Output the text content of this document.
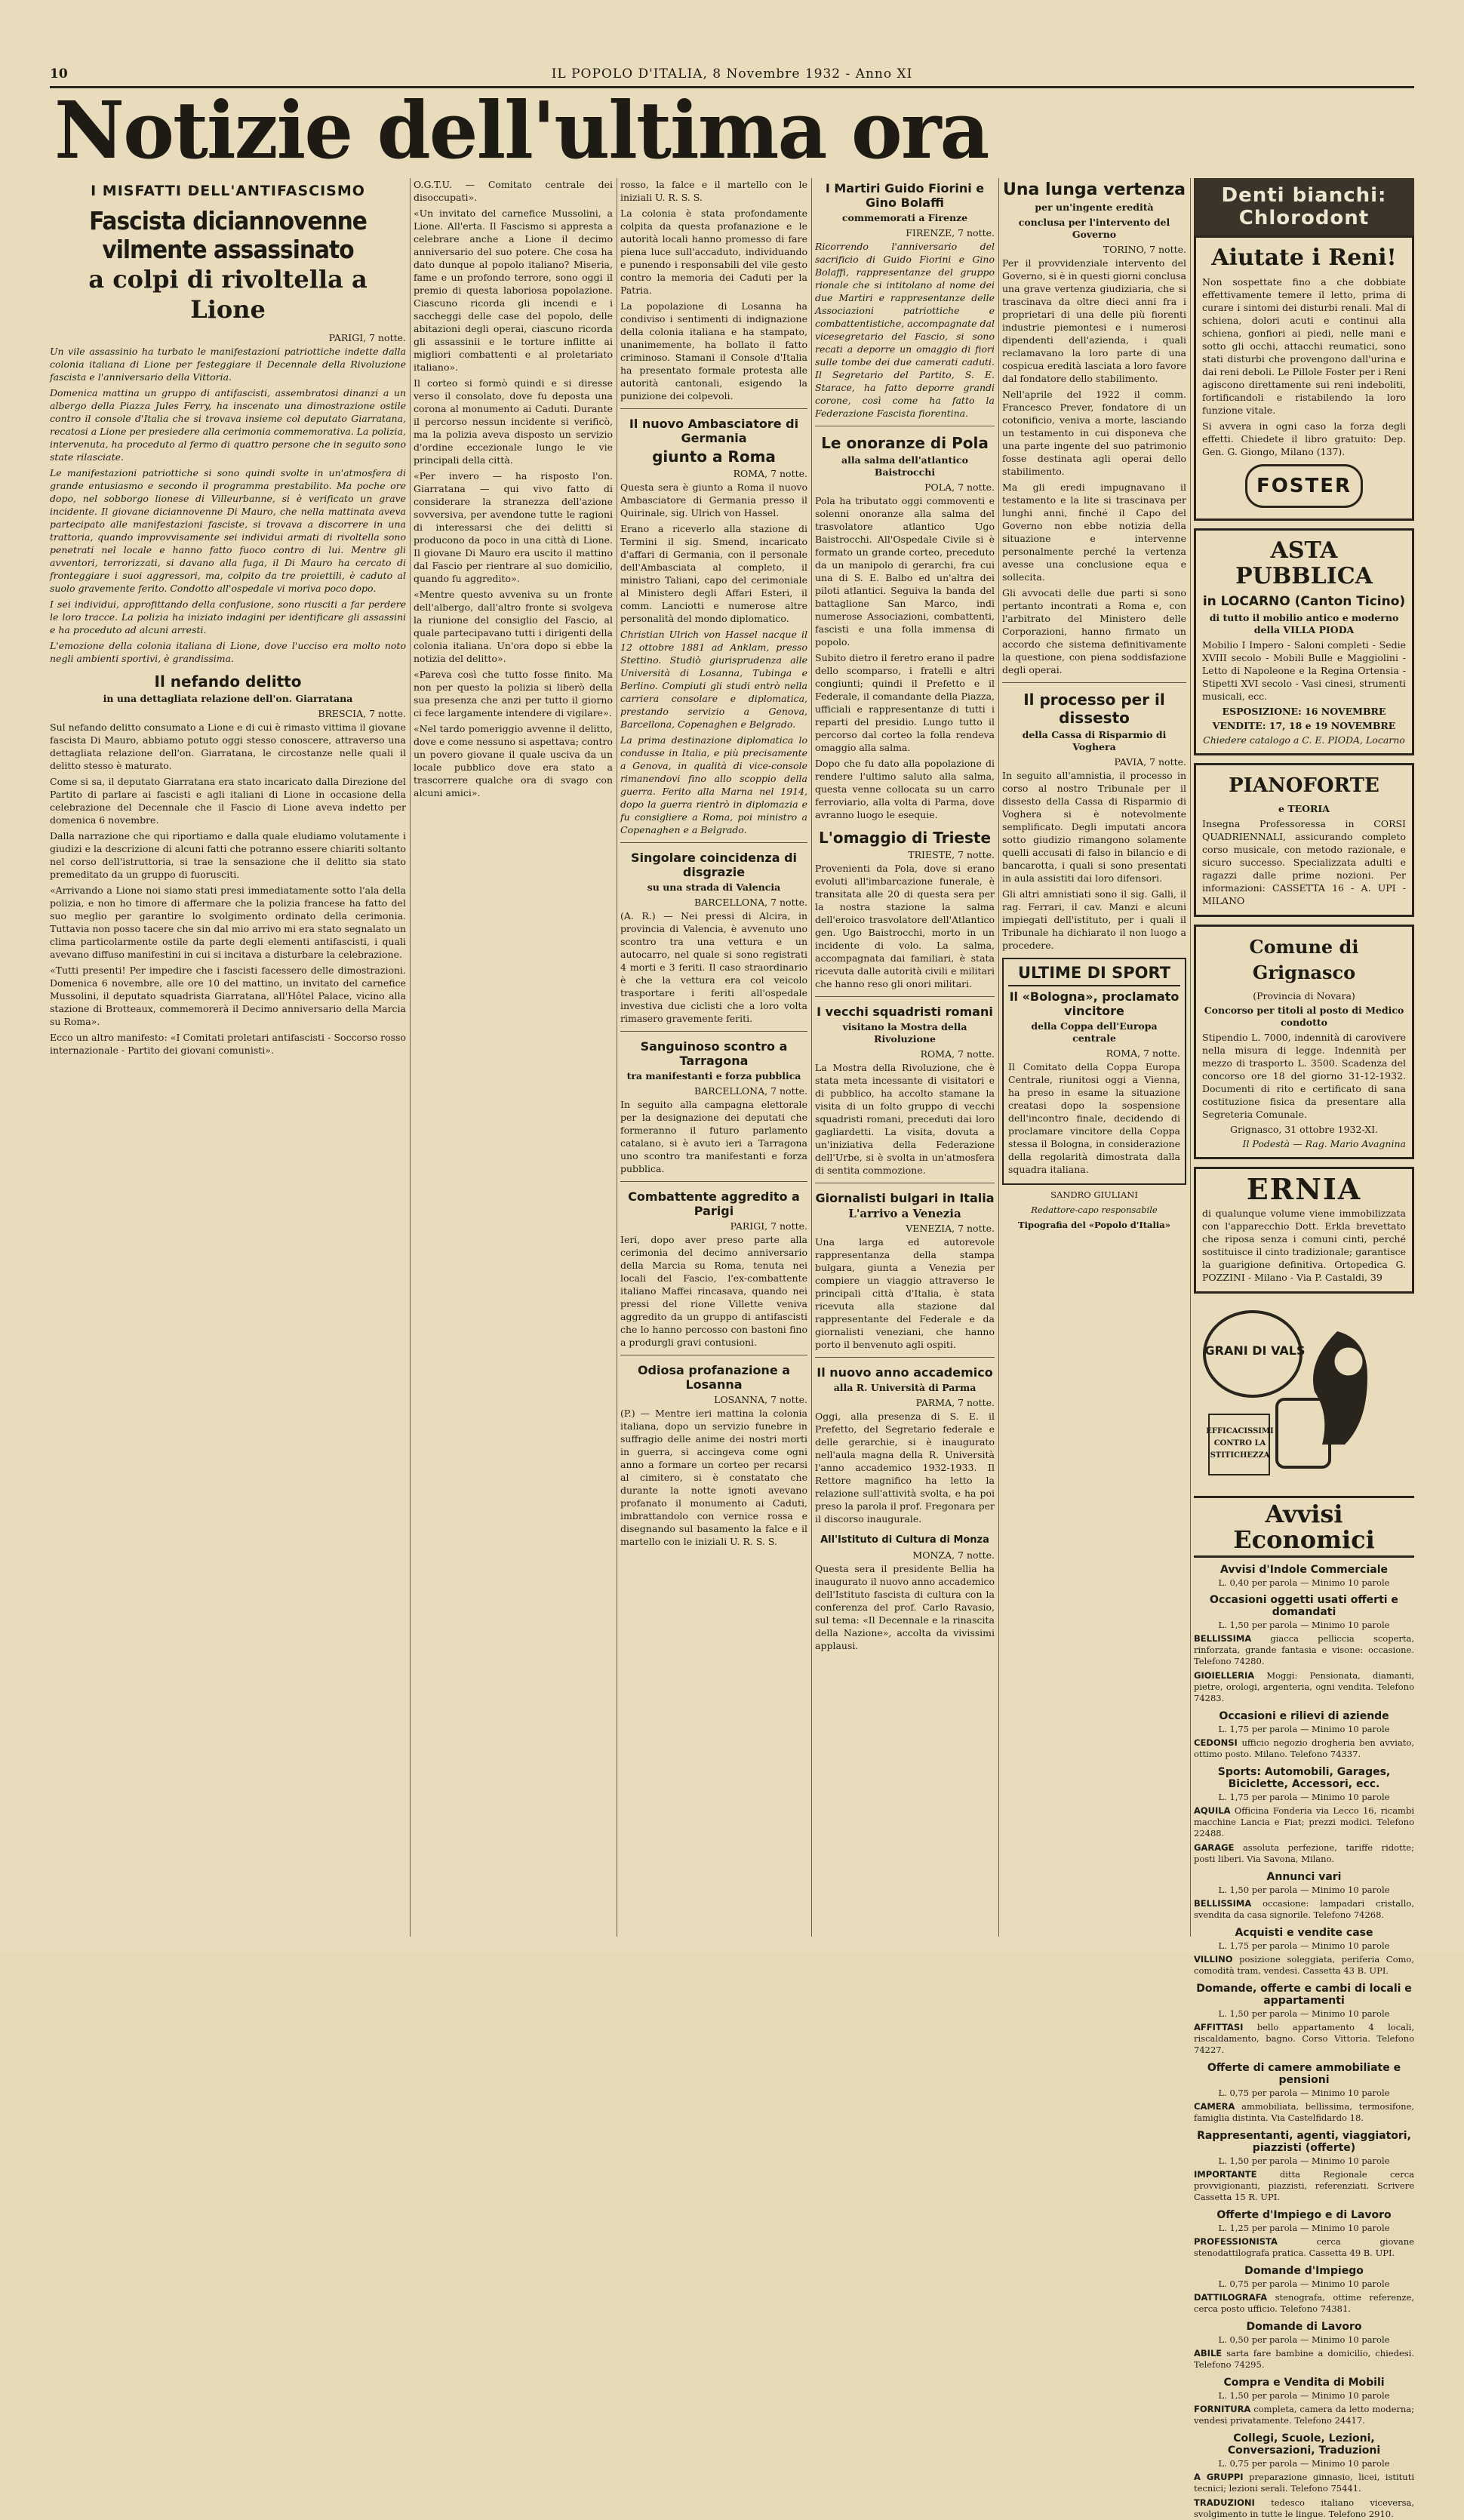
10	IL POPOLO D'ITALIA, 8 Novembre 1932 - Anno XI
Notizie dell'ultima ora
I MISFATTI DELL'ANTIFASCISMO
Fascista diciannovenne vilmente assassinato
a colpi di rivoltella a Lione
PARIGI, 7 notte.

Un vile assassinio ha turbato le manifestazioni patriottiche indette dalla colonia italiana di Lione per festeggiare il Decennale della Rivoluzione fascista e l'anniversario della Vittoria.

Domenica mattina un gruppo di antifascisti, assembratosi dinanzi a un albergo della Piazza Jules Ferry, ha inscenato una dimostrazione ostile contro il console d'Italia che si trovava insieme col deputato Giarratana, recatosi a Lione per presiedere alla cerimonia commemorativa. La polizia, intervenuta, ha proceduto al fermo di quattro persone che in seguito sono state rilasciate.

Le manifestazioni patriottiche si sono quindi svolte in un'atmosfera di grande entusiasmo e secondo il programma prestabilito. Ma poche ore dopo, nel sobborgo lionese di Villeurbanne, si è verificato un grave incidente. Il giovane diciannovenne Di Mauro, che nella mattinata aveva partecipato alle manifestazioni fasciste, si trovava a discorrere in una trattoria, quando improvvisamente sei individui armati di rivoltella sono penetrati nel locale e hanno fatto fuoco contro di lui. Mentre gli avventori, terrorizzati, si davano alla fuga, il Di Mauro ha cercato di fronteggiare i suoi aggressori, ma, colpito da tre proiettili, è caduto al suolo gravemente ferito. Condotto all'ospedale vi moriva poco dopo.

I sei individui, approfittando della confusione, sono riusciti a far perdere le loro tracce. La polizia ha iniziato indagini per identificare gli assassini e ha proceduto ad alcuni arresti.

L'emozione della colonia italiana di Lione, dove l'ucciso era molto noto negli ambienti sportivi, è grandissima.

Il nefando delitto
in una dettagliata relazione dell'on. Giarratana
BRESCIA, 7 notte.

Sul nefando delitto consumato a Lione e di cui è rimasto vittima il giovane fascista Di Mauro, abbiamo potuto oggi stesso conoscere, attraverso una dettagliata relazione dell'on. Giarratana, le circostanze nelle quali il delitto stesso è maturato.

Come si sa, il deputato Giarratana era stato incaricato dalla Direzione del Partito di parlare ai fascisti e agli italiani di Lione in occasione della celebrazione del Decennale che il Fascio di Lione aveva indetto per domenica 6 novembre.

Dalla narrazione che qui riportiamo e dalla quale eludiamo volutamente i giudizi e la descrizione di alcuni fatti che potranno essere chiariti soltanto nel corso dell'istruttoria, si trae la sensazione che il delitto sia stato premeditato da un gruppo di fuorusciti.

«Arrivando a Lione noi siamo stati presi immediatamente sotto l'ala della polizia, e non ho timore di affermare che la polizia francese ha fatto del suo meglio per garantire lo svolgimento ordinato della cerimonia. Tuttavia non posso tacere che sin dal mio arrivo mi era stato segnalato un clima particolarmente ostile da parte degli elementi antifascisti, i quali avevano diffuso manifestini in cui si incitava a disturbare la celebrazione.

«Tutti presenti! Per impedire che i fascisti facessero delle dimostrazioni. Domenica 6 novembre, alle ore 10 del mattino, un invitato del carnefice Mussolini, il deputato squadrista Giarratana, all'Hôtel Palace, vicino alla stazione di Brotteaux, commemorerà il Decimo anniversario della Marcia su Roma».

Ecco un altro manifesto: «I Comitati proletari antifascisti - Soccorso rosso internazionale - Partito dei giovani comunisti».

O.G.T.U. — Comitato centrale dei disoccupati».

«Un invitato del carnefice Mussolini, a Lione. All'erta. Il Fascismo si appresta a celebrare anche a Lione il decimo anniversario del suo potere. Che cosa ha dato dunque al popolo italiano? Miseria, fame e un profondo terrore, sono oggi il premio di questa laboriosa popolazione. Ciascuno ricorda gli incendi e i saccheggi delle case del popolo, delle abitazioni degli operai, ciascuno ricorda gli assassinii e le torture inflitte ai migliori combattenti e al proletariato italiano».

Il corteo si formò quindi e si diresse verso il consolato, dove fu deposta una corona al monumento ai Caduti. Durante il percorso nessun incidente si verificò, ma la polizia aveva disposto un servizio d'ordine eccezionale lungo le vie principali della città.

«Per invero — ha risposto l'on. Giarratana — qui vivo fatto di considerare la stranezza dell'azione sovversiva, per avendone tutte le ragioni di interessarsi che dei delitti si producono da poco in una città di Lione. Il giovane Di Mauro era uscito il mattino dal Fascio per rientrare al suo domicilio, quando fu aggredito».

«Mentre questo avveniva su un fronte dell'albergo, dall'altro fronte si svolgeva la riunione del consiglio del Fascio, al quale partecipavano tutti i dirigenti della colonia italiana. Un'ora dopo si ebbe la notizia del delitto».

«Pareva così che tutto fosse finito. Ma non per questo la polizia si liberò della sua presenza che anzi per tutto il giorno ci fece largamente intendere di vigilare».

«Nel tardo pomeriggio avvenne il delitto, dove e come nessuno si aspettava; contro un povero giovane il quale usciva da un locale pubblico dove era stato a trascorrere qualche ora di svago con alcuni amici».

rosso, la falce e il martello con le iniziali U. R. S. S.

La colonia è stata profondamente colpita da questa profanazione e le autorità locali hanno promesso di fare piena luce sull'accaduto, individuando e punendo i responsabili del vile gesto contro la memoria dei Caduti per la Patria.

La popolazione di Losanna ha condiviso i sentimenti di indignazione della colonia italiana e ha stampato, unanimemente, ha bollato il fatto criminoso. Stamani il Console d'Italia ha presentato formale protesta alle autorità cantonali, esigendo la punizione dei colpevoli.

Il nuovo Ambasciatore di Germania
giunto a Roma
ROMA, 7 notte.

Questa sera è giunto a Roma il nuovo Ambasciatore di Germania presso il Quirinale, sig. Ulrich von Hassel.

Erano a riceverlo alla stazione di Termini il sig. Smend, incaricato d'affari di Germania, con il personale dell'Ambasciata al completo, il ministro Taliani, capo del cerimoniale al Ministero degli Affari Esteri, il comm. Lanciotti e numerose altre personalità del mondo diplomatico.

Christian Ulrich von Hassel nacque il 12 ottobre 1881 ad Anklam, presso Stettino. Studiò giurisprudenza alle Università di Losanna, Tubinga e Berlino. Compiuti gli studi entrò nella carriera consolare e diplomatica, prestando servizio a Genova, Barcellona, Copenaghen e Belgrado.

La prima destinazione diplomatica lo condusse in Italia, e più precisamente a Genova, in qualità di vice-console rimanendovi fino allo scoppio della guerra. Ferito alla Marna nel 1914, dopo la guerra rientrò in diplomazia e fu consigliere a Roma, poi ministro a Copenaghen e a Belgrado.

Singolare coincidenza di disgrazie
su una strada di Valencia
BARCELLONA, 7 notte.

(A. R.) — Nei pressi di Alcira, in provincia di Valencia, è avvenuto uno scontro tra una vettura e un autocarro, nel quale si sono registrati 4 morti e 3 feriti. Il caso straordinario è che la vettura era col veicolo trasportare i feriti all'ospedale investiva due ciclisti che a loro volta rimasero gravemente feriti.

Sanguinoso scontro a Tarragona
tra manifestanti e forza pubblica
BARCELLONA, 7 notte.

In seguito alla campagna elettorale per la designazione dei deputati che formeranno il futuro parlamento catalano, si è avuto ieri a Tarragona uno scontro tra manifestanti e forza pubblica.

Combattente aggredito a Parigi
PARIGI, 7 notte.

Ieri, dopo aver preso parte alla cerimonia del decimo anniversario della Marcia su Roma, tenuta nei locali del Fascio, l'ex-combattente italiano Maffei rincasava, quando nei pressi del rione Villette veniva aggredito da un gruppo di antifascisti che lo hanno percosso con bastoni fino a produrgli gravi contusioni.

Odiosa profanazione a Losanna
LOSANNA, 7 notte.

(P.) — Mentre ieri mattina la colonia italiana, dopo un servizio funebre in suffragio delle anime dei nostri morti in guerra, si accingeva come ogni anno a formare un corteo per recarsi al cimitero, si è constatato che durante la notte ignoti avevano profanato il monumento ai Caduti, imbrattandolo con vernice rossa e disegnando sul basamento la falce e il martello con le iniziali U. R. S. S.

I Martiri Guido Fiorini e Gino Bolaffi
commemorati a Firenze
FIRENZE, 7 notte.

Ricorrendo l'anniversario del sacrificio di Guido Fiorini e Gino Bolaffi, rappresentanze del gruppo rionale che si intitolano al nome dei due Martiri e rappresentanze delle Associazioni patriottiche e combattentistiche, accompagnate dal vicesegretario del Fascio, si sono recati a deporre un omaggio di fiori sulle tombe dei due camerati caduti. Il Segretario del Partito, S. E. Starace, ha fatto deporre grandi corone, così come ha fatto la Federazione Fascista fiorentina.

Le onoranze di Pola
alla salma dell'atlantico Baistrocchi
POLA, 7 notte.

Pola ha tributato oggi commoventi e solenni onoranze alla salma del trasvolatore atlantico Ugo Baistrocchi. All'Ospedale Civile si è formato un grande corteo, preceduto da un manipolo di gerarchi, fra cui una di S. E. Balbo ed un'altra dei piloti atlantici. Seguiva la banda del battaglione San Marco, indi numerose Associazioni, combattenti, fascisti e una folla immensa di popolo.

Subito dietro il feretro erano il padre dello scomparso, i fratelli e altri congiunti; quindi il Prefetto e il Federale, il comandante della Piazza, ufficiali e rappresentanze di tutti i reparti del presidio. Lungo tutto il percorso dal corteo la folla rendeva omaggio alla salma.

Dopo che fu dato alla popolazione di rendere l'ultimo saluto alla salma, questa venne collocata su un carro ferroviario, alla volta di Parma, dove avranno luogo le esequie.

L'omaggio di Trieste
TRIESTE, 7 notte.

Provenienti da Pola, dove si erano evoluti all'imbarcazione funerale, è transitata alle 20 di questa sera per la nostra stazione la salma dell'eroico trasvolatore dell'Atlantico gen. Ugo Baistrocchi, morto in un incidente di volo. La salma, accompagnata dai familiari, è stata ricevuta dalle autorità civili e militari che hanno reso gli onori militari.

I vecchi squadristi romani
visitano la Mostra della Rivoluzione
ROMA, 7 notte.

La Mostra della Rivoluzione, che è stata meta incessante di visitatori e di pubblico, ha accolto stamane la visita di un folto gruppo di vecchi squadristi romani, preceduti dai loro gagliardetti. La visita, dovuta a un'iniziativa della Federazione dell'Urbe, si è svolta in un'atmosfera di sentita commozione.

Giornalisti bulgari in Italia
L'arrivo a Venezia
VENEZIA, 7 notte.

Una larga ed autorevole rappresentanza della stampa bulgara, giunta a Venezia per compiere un viaggio attraverso le principali città d'Italia, è stata ricevuta alla stazione dal rappresentante del Federale e da giornalisti veneziani, che hanno porto il benvenuto agli ospiti.

Il nuovo anno accademico
alla R. Università di Parma
PARMA, 7 notte.

Oggi, alla presenza di S. E. il Prefetto, del Segretario federale e delle gerarchie, si è inaugurato nell'aula magna della R. Università l'anno accademico 1932-1933. Il Rettore magnifico ha letto la relazione sull'attività svolta, e ha poi preso la parola il prof. Fregonara per il discorso inaugurale.

All'Istituto di Cultura di Monza
MONZA, 7 notte.

Questa sera il presidente Bellia ha inaugurato il nuovo anno accademico dell'Istituto fascista di cultura con la conferenza del prof. Carlo Ravasio, sul tema: «Il Decennale e la rinascita della Nazione», accolta da vivissimi applausi.

Una lunga vertenza
per un'ingente eredità
conclusa per l'intervento del Governo
TORINO, 7 notte.

Per il provvidenziale intervento del Governo, si è in questi giorni conclusa una grave vertenza giudiziaria, che si trascinava da oltre dieci anni fra i proprietari di una delle più fiorenti industrie piemontesi e i numerosi dipendenti dell'azienda, i quali reclamavano la loro parte di una cospicua eredità lasciata a loro favore dal fondatore dello stabilimento.

Nell'aprile del 1922 il comm. Francesco Prever, fondatore di un cotonificio, veniva a morte, lasciando un testamento in cui disponeva che una parte ingente del suo patrimonio fosse destinata agli operai dello stabilimento.

Ma gli eredi impugnavano il testamento e la lite si trascinava per lunghi anni, finché il Capo del Governo non ebbe notizia della situazione e intervenne personalmente perché la vertenza avesse una conclusione equa e sollecita.

Gli avvocati delle due parti si sono pertanto incontrati a Roma e, con l'arbitrato del Ministero delle Corporazioni, hanno firmato un accordo che sistema definitivamente la questione, con piena soddisfazione degli operai.

Il processo per il dissesto
della Cassa di Risparmio di Voghera
PAVIA, 7 notte.

In seguito all'amnistia, il processo in corso al nostro Tribunale per il dissesto della Cassa di Risparmio di Voghera si è notevolmente semplificato. Degli imputati ancora sotto giudizio rimangono solamente quelli accusati di falso in bilancio e di bancarotta, i quali si sono presentati in aula assistiti dai loro difensori.

Gli altri amnistiati sono il sig. Galli, il rag. Ferrari, il cav. Manzi e alcuni impiegati dell'istituto, per i quali il Tribunale ha dichiarato il non luogo a procedere.

ULTIME DI SPORT
Il «Bologna», proclamato vincitore
della Coppa dell'Europa centrale
ROMA, 7 notte.

Il Comitato della Coppa Europa Centrale, riunitosi oggi a Vienna, ha preso in esame la situazione creatasi dopo la sospensione dell'incontro finale, decidendo di proclamare vincitore della Coppa stessa il Bologna, in considerazione della regolarità dimostrata dalla squadra italiana.

SANDRO GIULIANI
Redattore-capo responsabile
Tipografia del «Popolo d'Italia»
Denti bianchi: Chlorodont
Aiutate i Reni!

Non sospettate fino a che dobbiate effettivamente temere il letto, prima di curare i sintomi dei disturbi renali. Mal di schiena, dolori acuti e continui alla schiena, gonfiori ai piedi, nelle mani e sotto gli occhi, attacchi reumatici, sono stati disturbi che provengono dall'urina e dai reni deboli. Le Pillole Foster per i Reni agiscono direttamente sui reni indeboliti, fortificandoli e ristabilendo la loro funzione vitale.

Si avvera in ogni caso la forza degli effetti. Chiedete il libro gratuito: Dep. Gen. G. Giongo, Milano (137).

FOSTER
ASTA PUBBLICA
in LOCARNO (Canton Ticino)
di tutto il mobilio antico e moderno della VILLA PIODA

Mobilio I Impero - Saloni completi - Sedie XVIII secolo - Mobili Bulle e Maggiolini - Letto di Napoleone e la Regina Ortensia - Stipetti XVI secolo - Vasi cinesi, strumenti musicali, ecc.

ESPOSIZIONE: 16 NOVEMBRE
VENDITE: 17, 18 e 19 NOVEMBRE
Chiedere catalogo a C. E. PIODA, Locarno
PIANOFORTE
e TEORIA

Insegna Professoressa in CORSI QUADRIENNALI, assicurando completo corso musicale, con metodo razionale, e sicuro successo. Specializzata adulti e ragazzi dalle prime nozioni. Per informazioni: CASSETTA 16 - A. UPI - MILANO

Comune di Grignasco
(Provincia di Novara)
Concorso per titoli al posto di Medico condotto

Stipendio L. 7000, indennità di carovivere nella misura di legge. Indennità per mezzo di trasporto L. 3500. Scadenza del concorso ore 18 del giorno 31-12-1932. Documenti di rito e certificato di sana costituzione fisica da presentare alla Segreteria Comunale.

Grignasco, 31 ottobre 1932-XI.
Il Podestà — Rag. Mario Avagnina
ERNIA

di qualunque volume viene immobilizzata con l'apparecchio Dott. Erkla brevettato che riposa senza i comuni cinti, perché sostituisce il cinto tradizionale; garantisce la guarigione definitiva. Ortopedica G. POZZINI - Milano - Via P. Castaldi, 39

GRANI DI VALS
EFFICACISSIMI CONTRO LA STITICHEZZA
Avvisi Economici
Avvisi d'Indole Commerciale
L. 0,40 per parola — Minimo 10 parole
Occasioni oggetti usati offerti e domandati
L. 1,50 per parola — Minimo 10 parole
BELLISSIMA giacca pelliccia scoperta, rinforzata, grande fantasia e visone: occasione. Telefono 74280.
GIOIELLERIA Moggi: Pensionata, diamanti, pietre, orologi, argenteria, ogni vendita. Telefono 74283.
Occasioni e rilievi di aziende
L. 1,75 per parola — Minimo 10 parole
CEDONSI ufficio negozio drogheria ben avviato, ottimo posto. Milano. Telefono 74337.
Sports: Automobili, Garages, Biciclette, Accessori, ecc.
L. 1,75 per parola — Minimo 10 parole
AQUILA Officina Fonderia via Lecco 16, ricambi macchine Lancia e Fiat; prezzi modici. Telefono 22488.
GARAGE assoluta perfezione, tariffe ridotte; posti liberi. Via Savona, Milano.
Annunci vari
L. 1,50 per parola — Minimo 10 parole
BELLISSIMA occasione: lampadari cristallo, svendita da casa signorile. Telefono 74268.
Acquisti e vendite case
L. 1,75 per parola — Minimo 10 parole
VILLINO posizione soleggiata, periferia Como, comodità tram, vendesi. Cassetta 43 B. UPI.
Domande, offerte e cambi di locali e appartamenti
L. 1,50 per parola — Minimo 10 parole
AFFITTASI bello appartamento 4 locali, riscaldamento, bagno. Corso Vittoria. Telefono 74227.
Offerte di camere ammobiliate e pensioni
L. 0,75 per parola — Minimo 10 parole
CAMERA ammobiliata, bellissima, termosifone, famiglia distinta. Via Castelfidardo 18.
Rappresentanti, agenti, viaggiatori, piazzisti (offerte)
L. 1,50 per parola — Minimo 10 parole
IMPORTANTE	ditta Regionale cerca provvigionanti, piazzisti, referenziati. Scrivere Cassetta 15 R. UPI.
Offerte d'Impiego e di Lavoro
L. 1,25 per parola — Minimo 10 parole
PROFESSIONISTA	cerca giovane stenodattilografa pratica. Cassetta 49 B. UPI.
Domande d'Impiego
L. 0,75 per parola — Minimo 10 parole
DATTILOGRAFA stenografa, ottime referenze, cerca posto ufficio. Telefono 74381.
Domande di Lavoro
L. 0,50 per parola — Minimo 10 parole
ABILE sarta fare bambine a domicilio, chiedesi. Telefono 74295.
Compra e Vendita di Mobili
L. 1,50 per parola — Minimo 10 parole
FORNITURA completa, camera da letto moderna; vendesi privatamente. Telefono 24417.
Collegi, Scuole, Lezioni, Conversazioni, Traduzioni
L. 0,75 per parola — Minimo 10 parole
A GRUPPI preparazione ginnasio, licei, istituti tecnici; lezioni serali. Telefono 75441.
TRADUZIONI tedesco italiano viceversa, svolgimento in tutte le lingue. Telefono 2910.
